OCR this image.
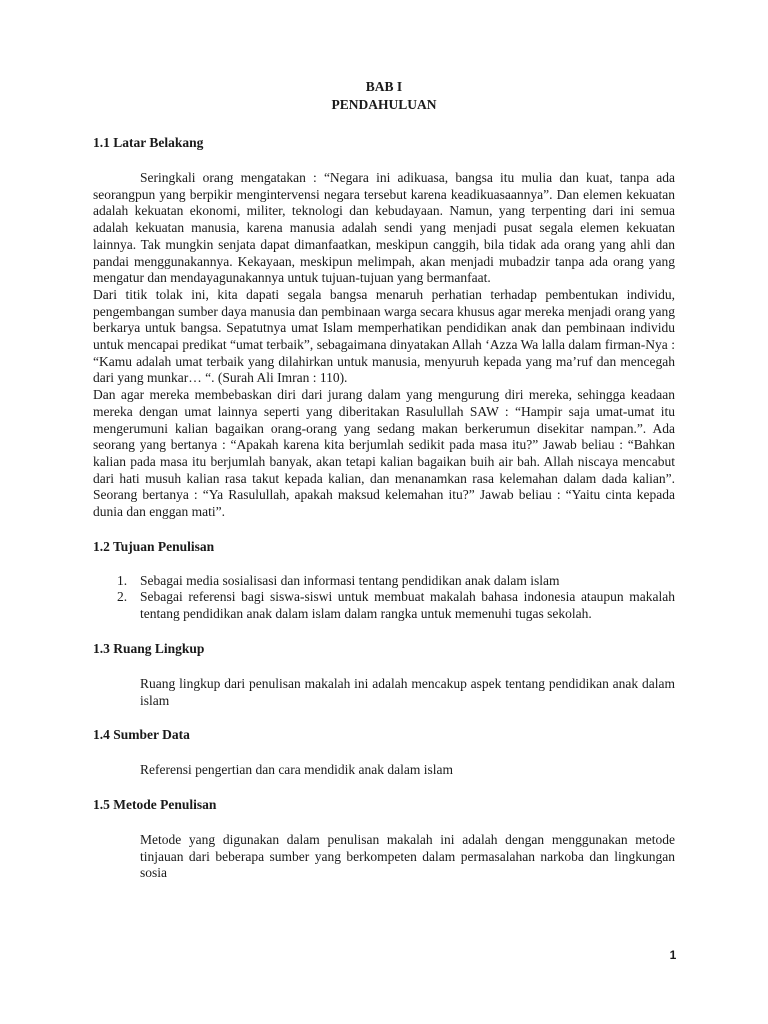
BAB I
PENDAHULUAN
1.1 Latar Belakang

Seringkali orang mengatakan : “Negara ini adikuasa, bangsa itu mulia dan kuat, tanpa ada seorangpun yang berpikir mengintervensi negara tersebut karena keadikuasaannya”. Dan elemen kekuatan adalah kekuatan ekonomi, militer, teknologi dan kebudayaan. Namun, yang terpenting dari ini semua adalah kekuatan manusia, karena manusia adalah sendi yang menjadi pusat segala elemen kekuatan lainnya. Tak mungkin senjata dapat dimanfaatkan, meskipun canggih, bila tidak ada orang yang ahli dan pandai menggunakannya. Kekayaan, meskipun melimpah, akan menjadi mubadzir tanpa ada orang yang mengatur dan mendayagunakannya untuk tujuan-tujuan yang bermanfaat.

Dari titik tolak ini, kita dapati segala bangsa menaruh perhatian terhadap pembentukan individu, pengembangan sumber daya manusia dan pembinaan warga secara khusus agar mereka menjadi orang yang berkarya untuk bangsa. Sepatutnya umat Islam memperhatikan pendidikan anak dan pembinaan individu untuk mencapai predikat “umat terbaik”, sebagaimana dinyatakan Allah ‘Azza Wa lalla dalam firman-Nya : “Kamu adalah umat terbaik yang dilahirkan untuk manusia, menyuruh kepada yang ma’ruf dan mencegah dari yang munkar… “. (Surah Ali Imran : 110).

Dan agar mereka membebaskan diri dari jurang dalam yang mengurung diri mereka, sehingga keadaan mereka dengan umat lainnya seperti yang diberitakan Rasulullah SAW : “Hampir saja umat-umat itu mengerumuni kalian bagaikan orang-orang yang sedang makan berkerumun disekitar nampan.”. Ada seorang yang bertanya : “Apakah karena kita berjumlah sedikit pada masa itu?” Jawab beliau : “Bahkan kalian pada masa itu berjumlah banyak, akan tetapi kalian bagaikan buih air bah. Allah niscaya mencabut dari hati musuh kalian rasa takut kepada kalian, dan menanamkan rasa kelemahan dalam dada kalian”. Seorang bertanya : “Ya Rasulullah, apakah maksud kelemahan itu?” Jawab beliau : “Yaitu cinta kepada dunia dan enggan mati”.

1.2 Tujuan Penulisan
1. Sebagai media sosialisasi dan informasi tentang pendidikan anak dalam islam
2. Sebagai referensi bagi siswa-siswi untuk membuat makalah bahasa indonesia ataupun makalah tentang pendidikan anak dalam islam dalam rangka untuk memenuhi tugas sekolah.
1.3 Ruang Lingkup

Ruang lingkup dari penulisan makalah ini adalah mencakup aspek tentang pendidikan anak dalam islam

1.4 Sumber Data

Referensi pengertian dan cara mendidik anak dalam islam

1.5 Metode Penulisan

Metode yang digunakan dalam penulisan makalah ini adalah dengan menggunakan metode tinjauan dari beberapa sumber yang berkompeten dalam permasalahan narkoba dan lingkungan sosia

1
